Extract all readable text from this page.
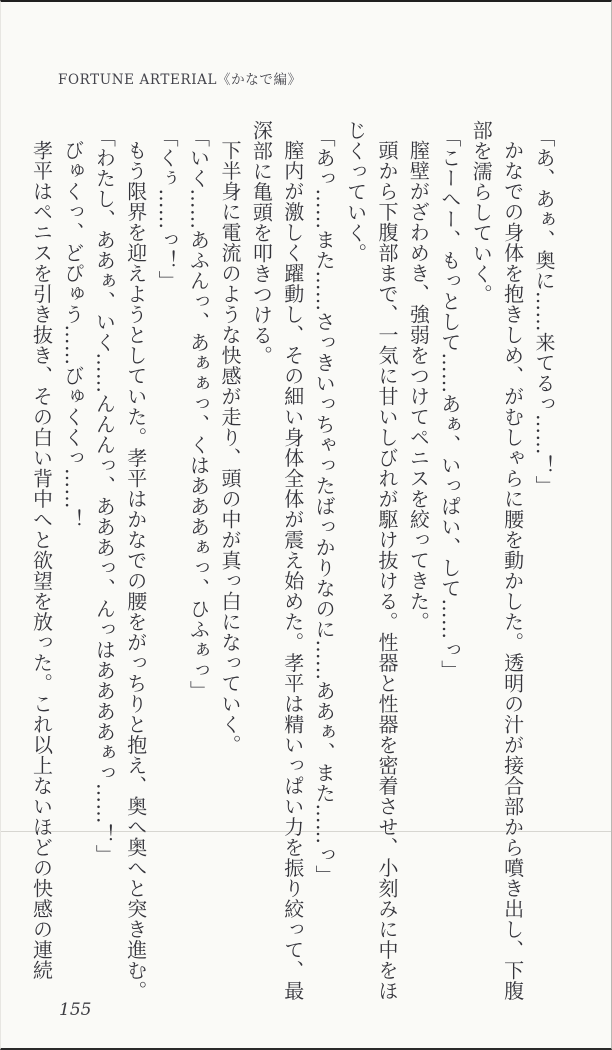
FORTUNE ARTERIAL《かなで編》

「あ、あぁ、奥に……来てるっ……！」

かなでの身体を抱きしめ、がむしゃらに腰を動かした。透明の汁が接合部から噴き出し、下腹部を濡らしていく。

「こーへー、もっとして……あぁ、いっぱい、して……っ」

膣壁がざわめき、強弱をつけてペニスを絞ってきた。

頭から下腹部まで、一気に甘いしびれが駆け抜ける。性器と性器を密着させ、小刻みに中をほじくっていく。

「あっ……また……さっきいっちゃったばっかりなのに……ああぁ、また……っ」

膣内が激しく躍動し、その細い身体全体が震え始めた。孝平は精いっぱい力を振り絞って、最深部に亀頭を叩きつける。

下半身に電流のような快感が走り、頭の中が真っ白になっていく。

「いく……あふんっ、あぁぁっ、くはあああぁっ、ひふぁっ」

「くぅ……っ！」

もう限界を迎えようとしていた。孝平はかなでの腰をがっちりと抱え、奥へ奥へと突き進む。

「わたし、ああぁ、いく……んんんっ、あああっ、んっはああああぁっ……！」

びゅくっ、どぴゅう……びゅくくっ……！

孝平はペニスを引き抜き、その白い背中へと欲望を放った。これ以上ないほどの快感の連続

155
